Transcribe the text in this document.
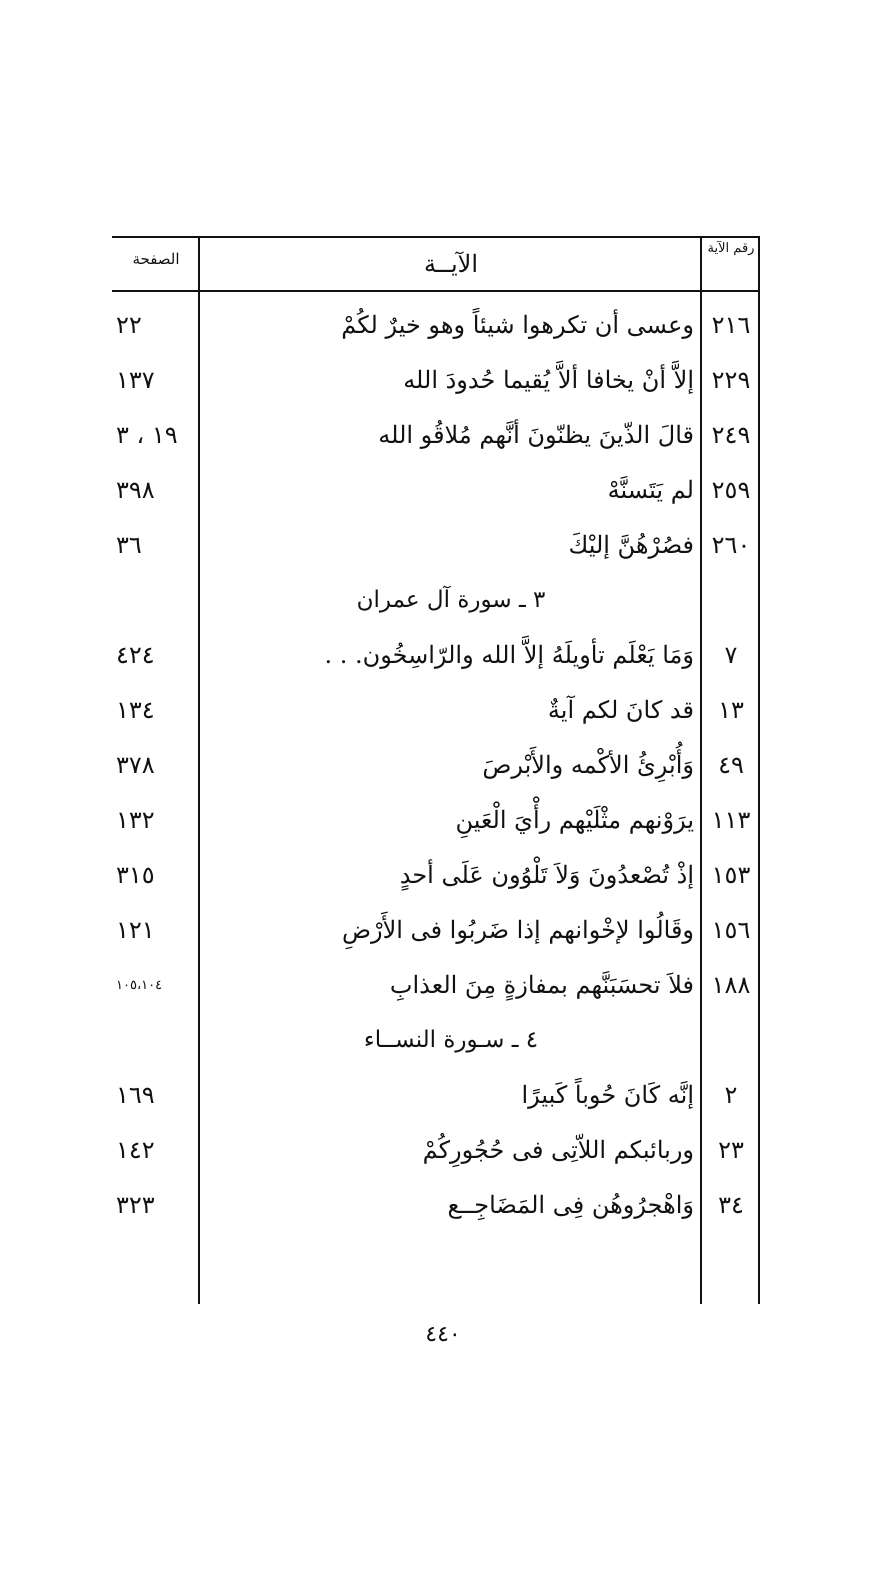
رقم الآية
الآيــة
الصفحة
٢١٦
وعسى أن تكرهوا شيئاً وهو خيرٌ لكُمْ
٢٢
٢٢٩
إلاَّ أنْ يخافا ألاَّ يُقيما حُدودَ الله
١٣٧
٢٤٩
قالَ الذّينَ يظنّونَ أنَّهم مُلاقُو الله
١٩ ، ٣
٢٥٩
لم يَتَسنَّهْ
٣٩٨
٢٦٠
فصُرْهُنَّ إليْكَ
٣٦
٣ ـ سورة آل عمران
٧
وَمَا يَعْلَم تأويلَهُ إلاَّ الله والرّاسِخُون. . .
٤٢٤
١٣
قد كانَ لكم آيةٌ
١٣٤
٤٩
وَأُبْرِئُ الأكْمه والأَبْرصَ
٣٧٨
١١٣
يرَوْنهم مثْلَيْهم رأْيَ الْعَينِ
١٣٢
١٥٣
إذْ تُصْعدُونَ وَلاَ تَلْوُون عَلَى أحدٍ
٣١٥
١٥٦
وقَالُوا لإخْوانهم إذا ضَربُوا فى الأَرْضِ
١٢١
١٨٨
فلاَ تحسَبَنَّهم بمفازةٍ مِنَ العذابِ
١٠٥،١٠٤
٤ ـ سـورة النســاء
٢
إنَّه كَانَ حُوباً كَبيرًا
١٦٩
٢٣
وربائبكم اللاّتِى فى حُجُورِكُمْ
١٤٢
٣٤
وَاهْجرُوهُن فِى المَضَاجِــع
٣٢٣
٤٤٠
